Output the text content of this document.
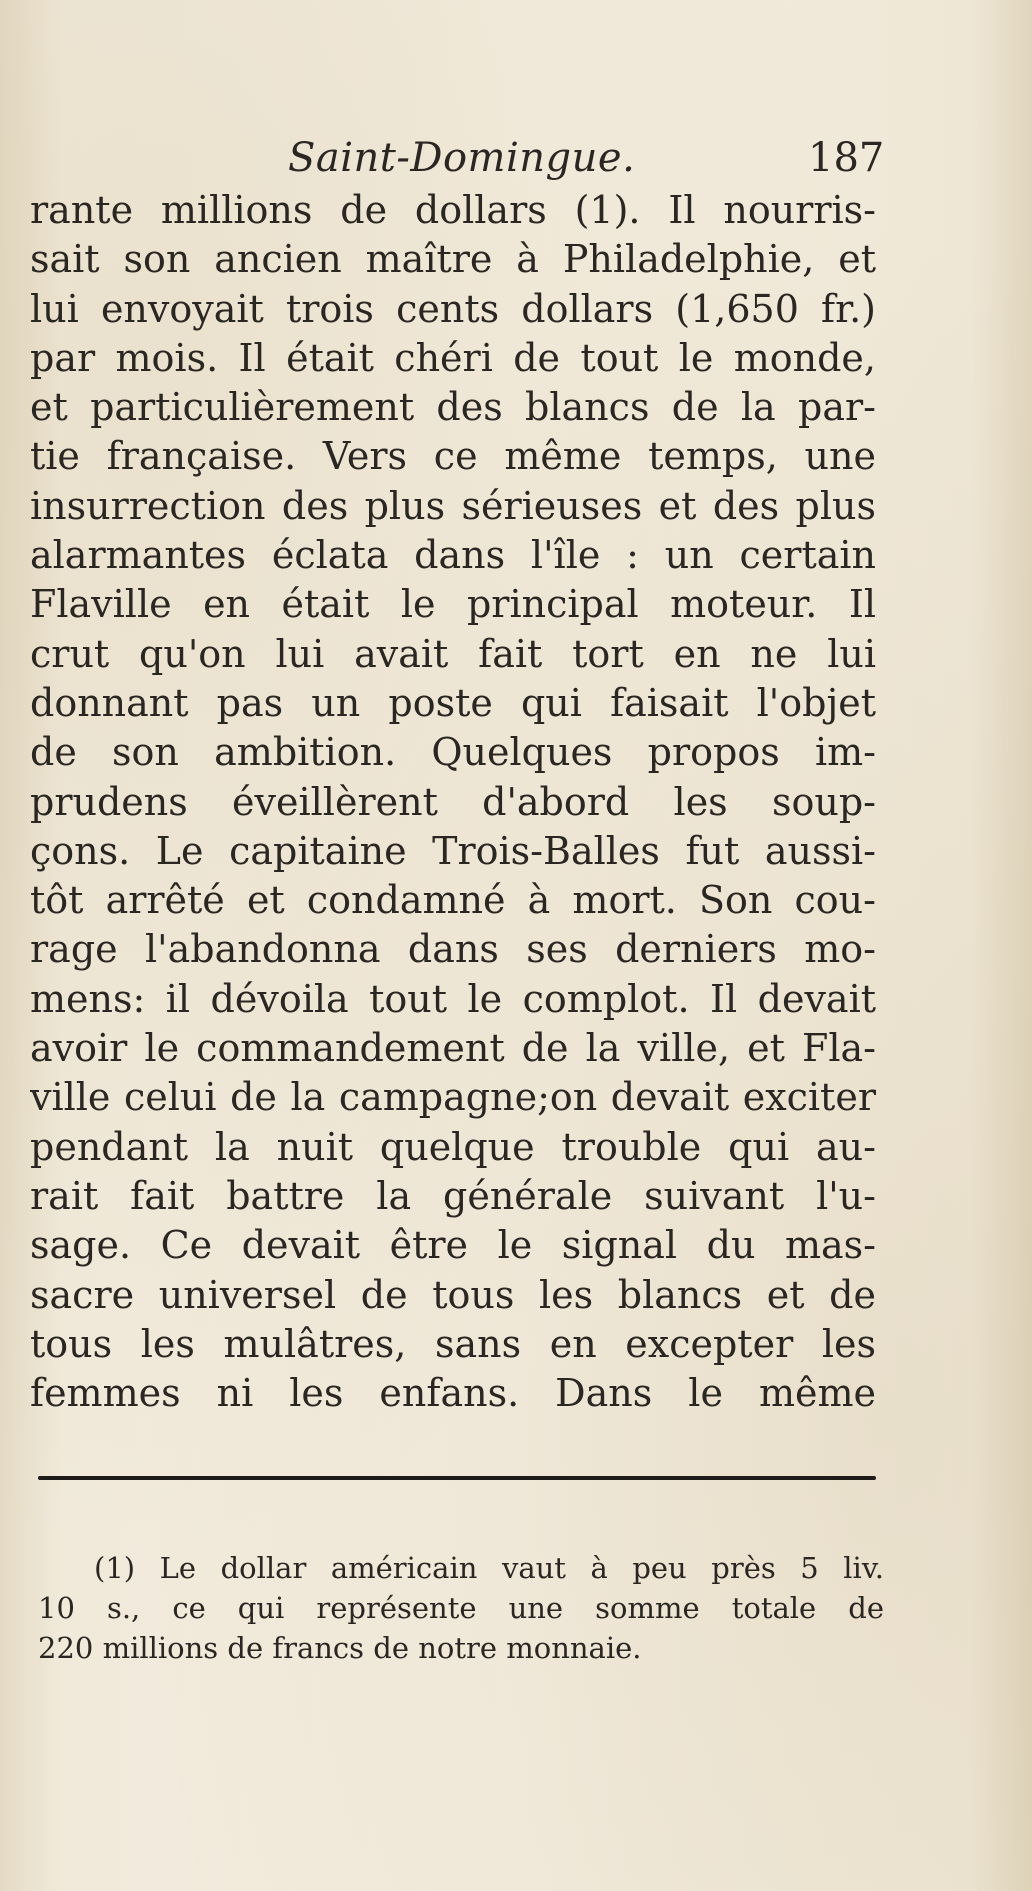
Saint-Domingue.	187
rante millions de dollars (1). Il nourris-
sait son ancien maître à Philadelphie, et
lui envoyait trois cents dollars (1,650 fr.)
par mois. Il était chéri de tout le monde,
et particulièrement des blancs de la par-
tie française. Vers ce même temps, une
insurrection des plus sérieuses et des plus
alarmantes éclata dans l'île : un certain
Flaville en était le principal moteur. Il
crut qu'on lui avait fait tort en ne lui
donnant pas un poste qui faisait l'objet
de son ambition. Quelques propos im-
prudens éveillèrent d'abord les soup-
çons. Le capitaine Trois-Balles fut aussi-
tôt arrêté et condamné à mort. Son cou-
rage l'abandonna dans ses derniers mo-
mens: il dévoila tout le complot. Il devait
avoir le commandement de la ville, et Fla-
ville celui de la campagne;on devait exciter
pendant la nuit quelque trouble qui au-
rait fait battre la générale suivant l'u-
sage. Ce devait être le signal du mas-
sacre universel de tous les blancs et de
tous les mulâtres, sans en excepter les
femmes ni les enfans. Dans le même
(1) Le dollar américain vaut à peu près 5 liv.
10 s., ce qui représente une somme totale de
220 millions de francs de notre monnaie.
